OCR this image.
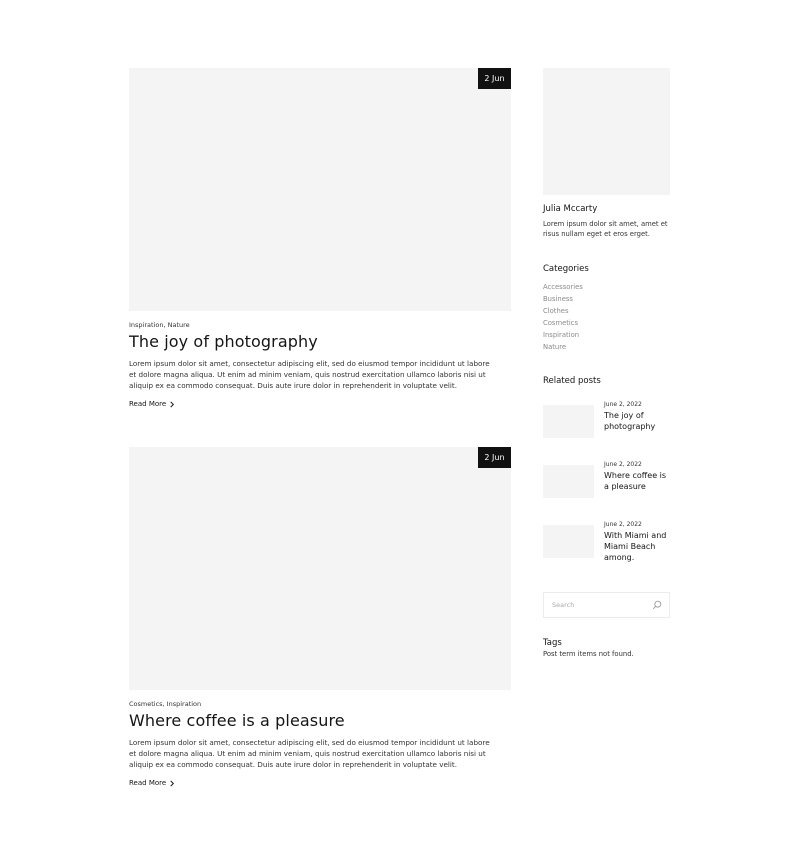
2 Jun
Inspiration, Nature
The joy of photography
Lorem ipsum dolor sit amet, consectetur adipiscing elit, sed do eiusmod tempor incididunt ut labore et dolore magna aliqua. Ut enim ad minim veniam, quis nostrud exercitation ullamco laboris nisi ut aliquip ex ea commodo consequat. Duis aute irure dolor in reprehenderit in voluptate velit.
Read More
2 Jun
Cosmetics, Inspiration
Where coffee is a pleasure
Lorem ipsum dolor sit amet, consectetur adipiscing elit, sed do eiusmod tempor incididunt ut labore et dolore magna aliqua. Ut enim ad minim veniam, quis nostrud exercitation ullamco laboris nisi ut aliquip ex ea commodo consequat. Duis aute irure dolor in reprehenderit in voluptate velit.
Read More
Julia Mccarty
Lorem ipsum dolor sit amet, amet et risus nullam eget et eros erget.
Categories
Accessories
Business
Clothes
Cosmetics
Inspiration
Nature
Related posts
June 2, 2022
The joy of photography
June 2, 2022
Where coffee is a pleasure
June 2, 2022
With Miami and Miami Beach among.
Search
Tags
Post term items not found.
